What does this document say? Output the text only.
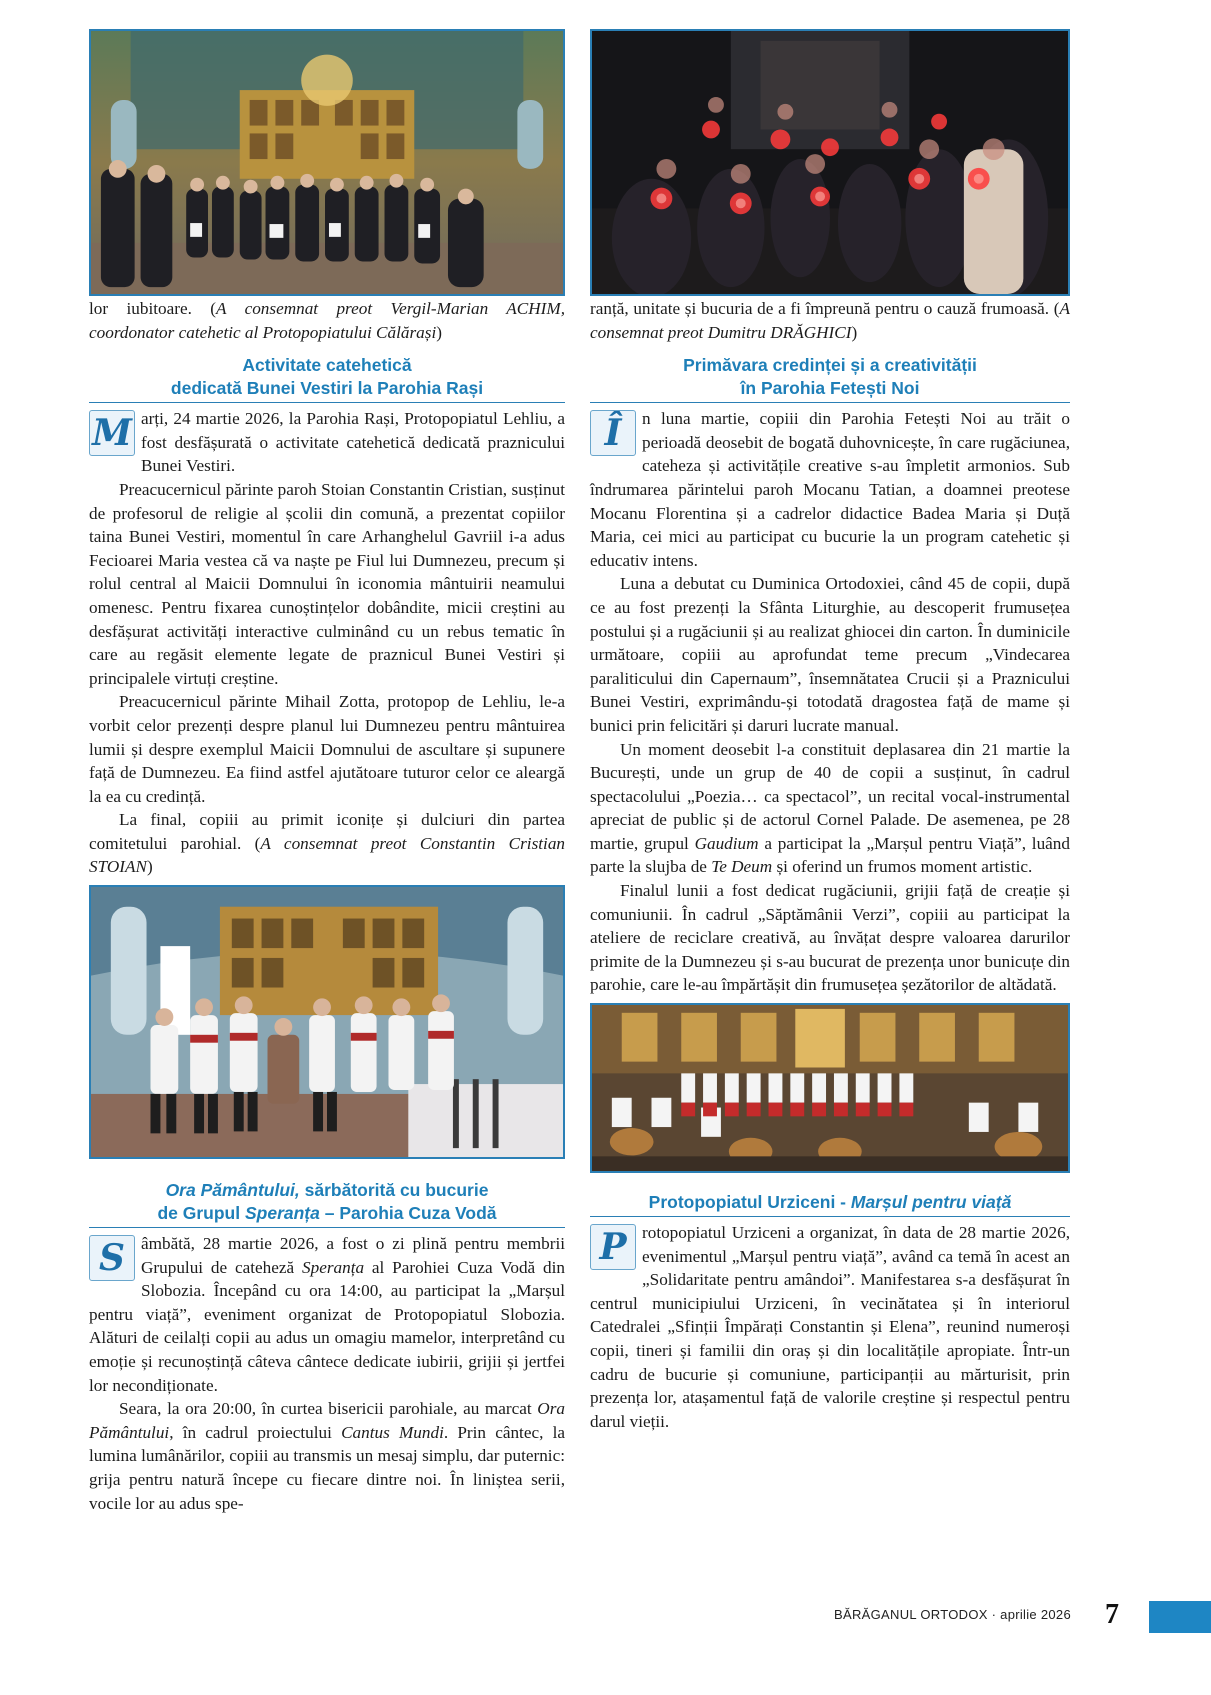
lor iubitoare. (A consemnat preot Vergil-Marian ACHIM, coordonator catehetic al Protopopiatului Călărași)

Activitate catehetică
dedicată Bunei Vestiri la Parohia Rași

M arți, 24 martie 2026, la Parohia Rași, Protopopiatul Lehliu, a fost desfășurată o activitate catehetică dedicată praznicului Bunei Vestiri.

Preacucernicul părinte paroh Stoian Constantin Cristian, susținut de profesorul de religie al școlii din comună, a prezentat copiilor taina Bunei Vestiri, momentul în care Arhanghelul Gavriil i-a adus Fecioarei Maria vestea că va naște pe Fiul lui Dumnezeu, precum și rolul central al Maicii Domnului în iconomia mântuirii neamului omenesc. Pentru fixarea cunoștințelor dobândite, micii creștini au desfășurat activități interactive culminând cu un rebus tematic în care au regăsit elemente legate de praznicul Bunei Vestiri și principalele virtuți creștine.

Preacucernicul părinte Mihail Zotta, protopop de Lehliu, le-a vorbit celor prezenți despre planul lui Dumnezeu pentru mântuirea lumii și despre exemplul Maicii Domnului de ascultare și supunere față de Dumnezeu. Ea fiind astfel ajutătoare tuturor celor ce aleargă la ea cu credință.

La final, copiii au primit iconițe și dulciuri din partea comitetului parohial. (A consemnat preot Constantin Cristian STOIAN)

Ora Pământului, sărbătorită cu bucurie
de Grupul Speranța – Parohia Cuza Vodă

S âmbătă, 28 martie 2026, a fost o zi plină pentru membrii Grupului de cateheză Speranța al Parohiei Cuza Vodă din Slobozia. Începând cu ora 14:00, au participat la „Marșul pentru viață”, eveniment organizat de Protopopiatul Slobozia. Alături de ceilalți copii au adus un omagiu mamelor, interpretând cu emoție și recunoștință câteva cântece dedicate iubirii, grijii și jertfei lor necondiționate.

Seara, la ora 20:00, în curtea bisericii parohiale, au marcat Ora Pământului, în cadrul proiectului Cantus Mundi. Prin cântec, la lumina lumânărilor, copiii au transmis un mesaj simplu, dar puternic: grija pentru natură începe cu fiecare dintre noi. În liniștea serii, vocile lor au adus spe-

ranță, unitate și bucuria de a fi împreună pentru o cauză frumoasă. (A consemnat preot Dumitru DRĂGHICI)

Primăvara credinței și a creativității
în Parohia Fetești Noi

Î	n luna martie, copiii din Parohia Fetești Noi au trăit o perioadă deosebit de bogată duhovnicește, în care rugăciunea, cateheza și activitățile creative s-au împletit armonios. Sub îndrumarea părintelui paroh Mocanu Tatian, a doamnei preotese Mocanu Florentina și a cadrelor didactice Badea Maria și Duță Maria, cei mici au participat cu bucurie la un program catehetic și educativ intens.

Luna a debutat cu Duminica Ortodoxiei, când 45 de copii, după ce au fost prezenți la Sfânta Liturghie, au descoperit frumusețea postului și a rugăciunii și au realizat ghiocei din carton. În duminicile următoare, copiii au aprofundat teme precum „Vindecarea paraliticului din Capernaum”, însemnătatea Crucii și a Praznicului Bunei Vestiri, exprimându-și totodată dragostea față de mame și bunici prin felicitări și daruri lucrate manual.

Un moment deosebit l-a constituit deplasarea din 21 martie la București, unde un grup de 40 de copii a susținut, în cadrul spectacolului „Poezia… ca spectacol”, un recital vocal-instrumental apreciat de public și de actorul Cornel Palade. De asemenea, pe 28 martie, grupul Gaudium a participat la „Marșul pentru Viață”, luând parte la slujba de Te Deum și oferind un frumos moment artistic.

Finalul lunii a fost dedicat rugăciunii, grijii față de creație și comuniunii. În cadrul „Săptămânii Verzi”, copiii au participat la ateliere de reciclare creativă, au învățat despre valoarea darurilor primite de la Dumnezeu și s-au bucurat de prezența unor bunicuțe din parohie, care le-au împărtășit din frumusețea șezătorilor de altădată.

Protopopiatul Urziceni - Marșul pentru viață

P rotopopiatul Urziceni a organizat, în data de 28 martie 2026, evenimentul „Marșul pentru viață”, având ca temă în acest an „Solidaritate pentru amândoi”. Manifestarea s-a desfășurat în centrul municipiului Urziceni, în vecinătatea și în interiorul Catedralei „Sfinții Împărați Constantin și Elena”, reunind numeroși copii, tineri și familii din oraș și din localitățile apropiate. Într-un cadru de bucurie și comuniune, participanții au mărturisit, prin prezența lor, atașamentul față de valorile creștine și respectul pentru darul vieții.

BĂRĂGANUL ORTODOX · aprilie 2026 7
